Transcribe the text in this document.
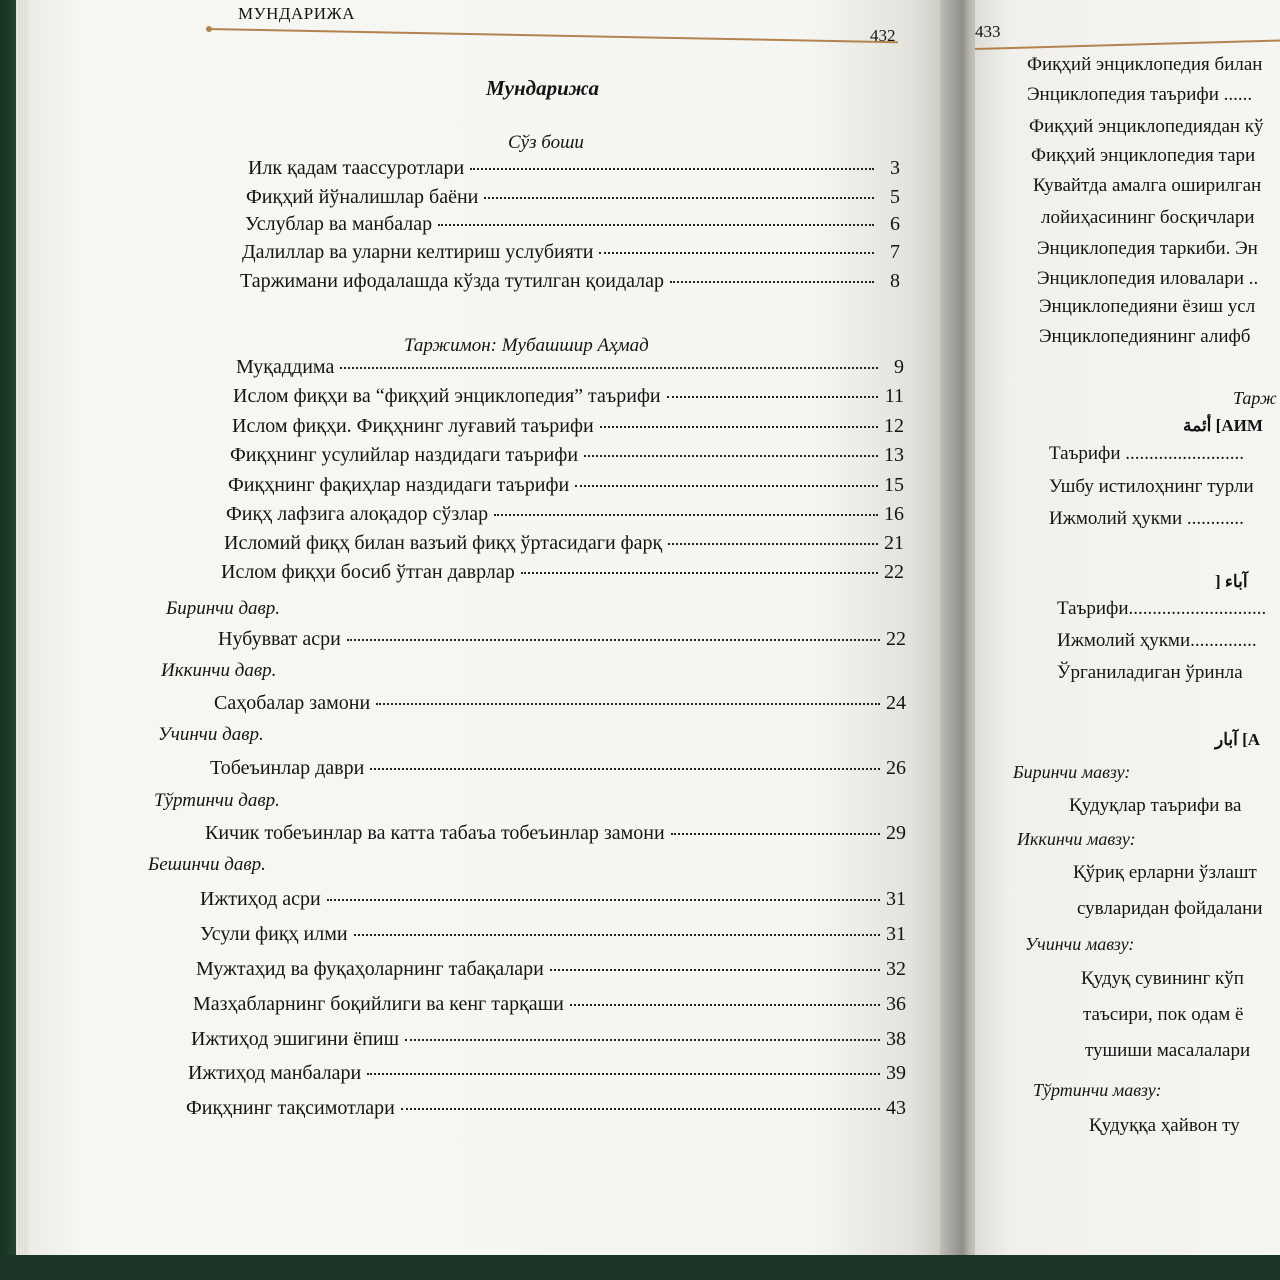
МУНДАРИЖА
432
Мундарижа
Сўз боши
Илк қадам таассуротлари	3
Фиқҳий йўналишлар баёни	5
Услублар ва манбалар	6
Далиллар ва уларни келтириш услубияти	7
Таржимани ифодалашда кўзда тутилган қоидалар	8
Таржимон: Мубашшир Аҳмад
Муқаддима	9
Ислом фиқҳи ва “фиқҳий энциклопедия” таърифи	11
Ислом фиқҳи. Фиқҳнинг луғавий таърифи	12
Фиқҳнинг усулийлар наздидаги таърифи	13
Фиқҳнинг фақиҳлар наздидаги таърифи	15
Фиқҳ лафзига алоқадор сўзлар	16
Исломий фиқҳ билан вазъий фиқҳ ўртасидаги фарқ	21
Ислом фиқҳи босиб ўтган даврлар	22
Биринчи давр.
Нубувват асри	22
Иккинчи давр.
Саҳобалар замони	24
Учинчи давр.
Тобеъинлар даври	26
Тўртинчи давр.
Кичик тобеъинлар ва катта табаъа тобеъинлар замони	29
Бешинчи давр.
Ижтиҳод асри	31
Усули фиқҳ илми	31
Мужтаҳид ва фуқаҳоларнинг табақалари	32
Мазҳабларнинг боқийлиги ва кенг тарқаши	36
Ижтиҳод эшигини ёпиш	38
Ижтиҳод манбалари	39
Фиқҳнинг тақсимотлари	43
433
Фиқҳий энциклопедия билан
Энциклопедия таърифи ......
Фиқҳий энциклопедиядан кў
Фиқҳий энциклопедия тари
Кувайтда амалга оширилган
лойиҳасининг босқичлари
Энциклопедия таркиби. Эн
Энциклопедия иловалари ..
Энциклопедияни ёзиш усл
Энциклопедиянинг алифб
Тарж
أئمة [АИМ
Таърифи .........................
Ушбу истилоҳнинг турли
Ижмолий ҳукми ............
] آباء
Таърифи.............................
Ижмолий ҳукми..............
Ўрганиладиган ўринла
آبار [А
Биринчи мавзу:
Қудуқлар таърифи ва
Иккинчи мавзу:
Қўриқ ерларни ўзлашт
сувларидан фойдалани
Учинчи мавзу:
Қудуқ сувининг кўп
таъсири, пок одам ё
тушиши масалалари
Тўртинчи мавзу:
Қудуққа ҳайвон ту
